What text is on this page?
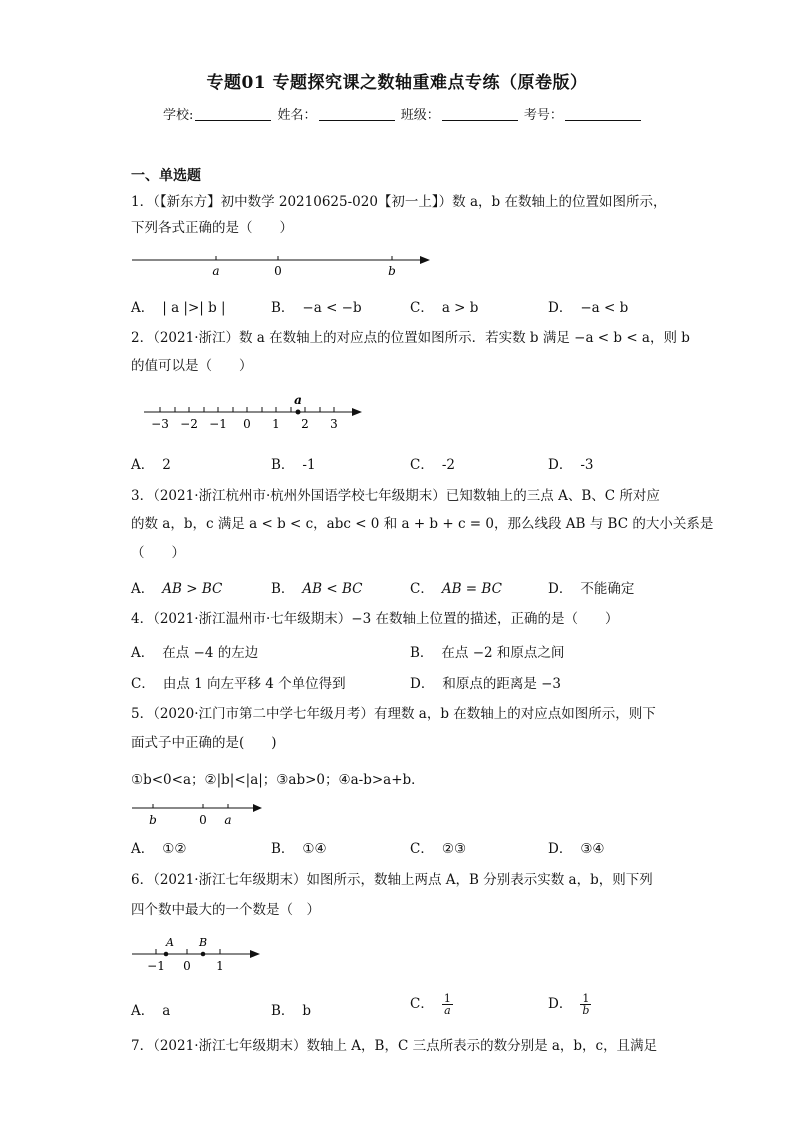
专题01 专题探究课之数轴重难点专练（原卷版）
学校:	姓名：	班级：	考号：
一、单选题
1．（【新东方】初中数学 20210625-020【初一上】）数 a，b 在数轴上的位置如图所示，
下列各式正确的是（　　）
a	0	b
A． | a |>| b |	B． −a < −b	C． a > b	D． −a < b
2．（2021·浙江）数 a 在数轴上的对应点的位置如图所示．若实数 b 满足 −a < b < a，则 b
的值可以是（　　）
a
−3 −2 −1 0 1 2 3
A． 2	B． -1	C． -2	D． -3
3．（2021·浙江杭州市·杭州外国语学校七年级期末）已知数轴上的三点 A、B、C 所对应
的数 a，b，c 满足 a < b < c，abc < 0 和 a + b + c = 0，那么线段 AB 与 BC 的大小关系是
（　　）
A． AB > BC	B． AB < BC	C． AB = BC	D． 不能确定
4．（2021·浙江温州市·七年级期末）−3 在数轴上位置的描述，正确的是（　　）
A． 在点 −4 的左边	B． 在点 −2 和原点之间
C． 由点 1 向左平移 4 个单位得到	D． 和原点的距离是 −3
5．（2020·江门市第二中学七年级月考）有理数 a，b 在数轴上的对应点如图所示，则下
面式子中正确的是(　　)
①b<0<a；②|b|<|a|；③ab>0；④a-b>a+b．
b	0 a
A． ①②	B． ①④	C． ②③	D． ③④
6．（2021·浙江七年级期末）如图所示，数轴上两点 A，B 分别表示实数 a，b，则下列
四个数中最大的一个数是（　）
A B
−1 0 1
A． a	B． b	C． $\frac{1}{a}$	D． $\frac{1}{b}$
7．（2021·浙江七年级期末）数轴上 A，B，C 三点所表示的数分别是 a，b，c，且满足
